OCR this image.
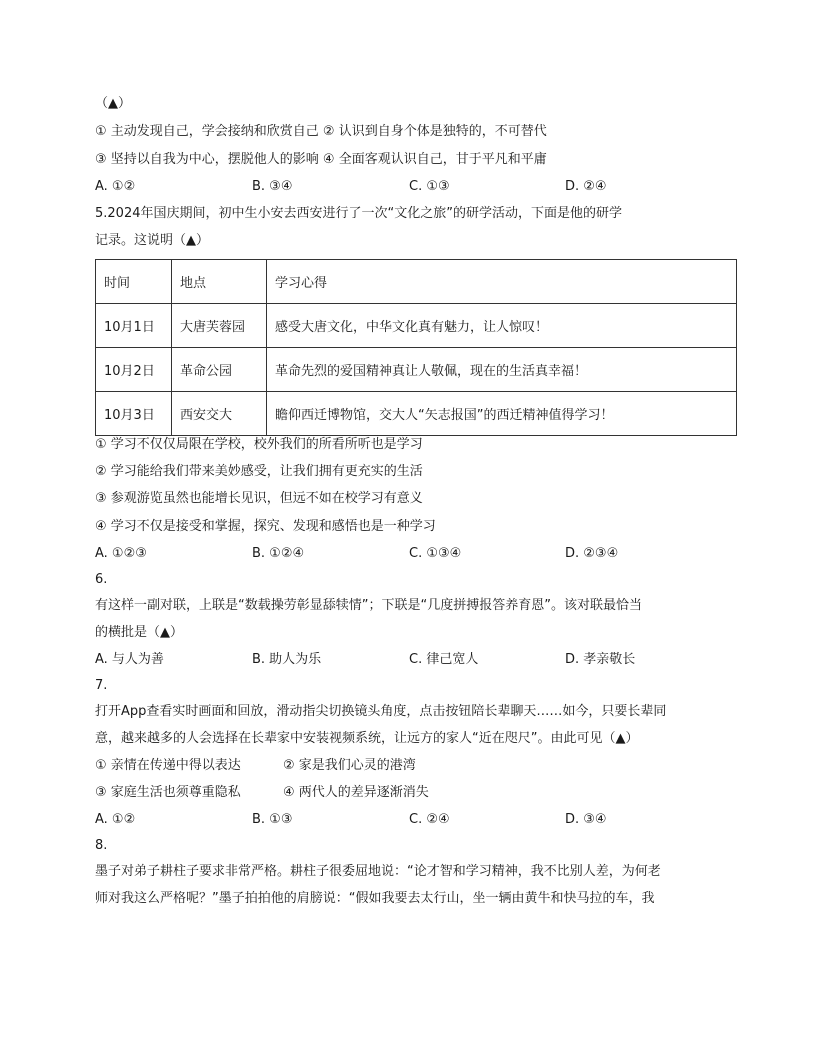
（▲）
① 主动发现自己，学会接纳和欣赏自己 ② 认识到自身个体是独特的，不可替代
③ 坚持以自我为中心，摆脱他人的影响 ④ 全面客观认识自己，甘于平凡和平庸
A. ①②	B. ③④	C. ①③	D. ②④
5.2024年国庆期间，初中生小安去西安进行了一次“文化之旅”的研学活动，下面是他的研学
记录。这说明（▲）
时间	地点	学习心得
10月1日	大唐芙蓉园	感受大唐文化，中华文化真有魅力，让人惊叹！
10月2日	革命公园	革命先烈的爱国精神真让人敬佩，现在的生活真幸福！
10月3日	西安交大	瞻仰西迁博物馆，交大人“矢志报国”的西迁精神值得学习！
① 学习不仅仅局限在学校，校外我们的所看所听也是学习
② 学习能给我们带来美妙感受，让我们拥有更充实的生活
③ 参观游览虽然也能增长见识，但远不如在校学习有意义
④ 学习不仅是接受和掌握，探究、发现和感悟也是一种学习
A. ①②③	B. ①②④	C. ①③④	D. ②③④
6.
有这样一副对联，上联是“数载操劳彰显舔犊情”；下联是“几度拼搏报答养育恩”。该对联最恰当
的横批是（▲）
A. 与人为善	B. 助人为乐	C. 律己宽人	D. 孝亲敬长
7.
打开App查看实时画面和回放，滑动指尖切换镜头角度，点击按钮陪长辈聊天……如今，只要长辈同
意，越来越多的人会选择在长辈家中安装视频系统，让远方的家人“近在咫尺”。由此可见（▲）
① 亲情在传递中得以表达	② 家是我们心灵的港湾
③ 家庭生活也须尊重隐私	④ 两代人的差异逐渐消失
A. ①②	B. ①③	C. ②④	D. ③④
8.
墨子对弟子耕柱子要求非常严格。耕柱子很委屈地说：“论才智和学习精神，我不比别人差，为何老
师对我这么严格呢？”墨子拍拍他的肩膀说：“假如我要去太行山，坐一辆由黄牛和快马拉的车，我
